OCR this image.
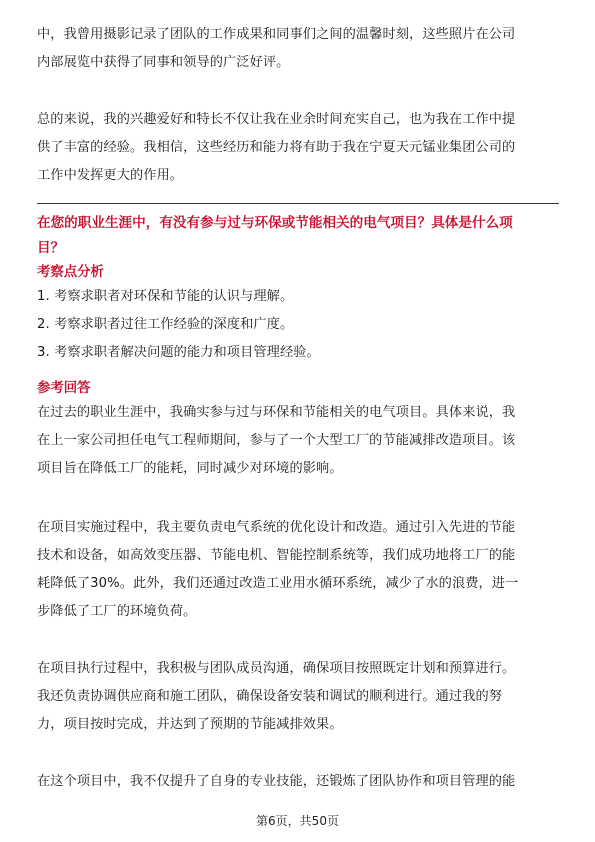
中，我曾用摄影记录了团队的工作成果和同事们之间的温馨时刻，这些照片在公司

内部展览中获得了同事和领导的广泛好评。

总的来说，我的兴趣爱好和特长不仅让我在业余时间充实自己，也为我在工作中提

供了丰富的经验。我相信，这些经历和能力将有助于我在宁夏天元锰业集团公司的

工作中发挥更大的作用。

在您的职业生涯中，有没有参与过与环保或节能相关的电气项目？具体是什么项

目？

考察点分析

1. 考察求职者对环保和节能的认识与理解。

2. 考察求职者过往工作经验的深度和广度。

3. 考察求职者解决问题的能力和项目管理经验。

参考回答

在过去的职业生涯中，我确实参与过与环保和节能相关的电气项目。具体来说，我

在上一家公司担任电气工程师期间，参与了一个大型工厂的节能减排改造项目。该

项目旨在降低工厂的能耗，同时减少对环境的影响。

在项目实施过程中，我主要负责电气系统的优化设计和改造。通过引入先进的节能

技术和设备，如高效变压器、节能电机、智能控制系统等，我们成功地将工厂的能

耗降低了30%。此外，我们还通过改造工业用水循环系统，减少了水的浪费，进一

步降低了工厂的环境负荷。

在项目执行过程中，我积极与团队成员沟通，确保项目按照既定计划和预算进行。

我还负责协调供应商和施工团队，确保设备安装和调试的顺利进行。通过我的努

力，项目按时完成，并达到了预期的节能减排效果。

在这个项目中，我不仅提升了自身的专业技能，还锻炼了团队协作和项目管理的能

第6页，共50页
